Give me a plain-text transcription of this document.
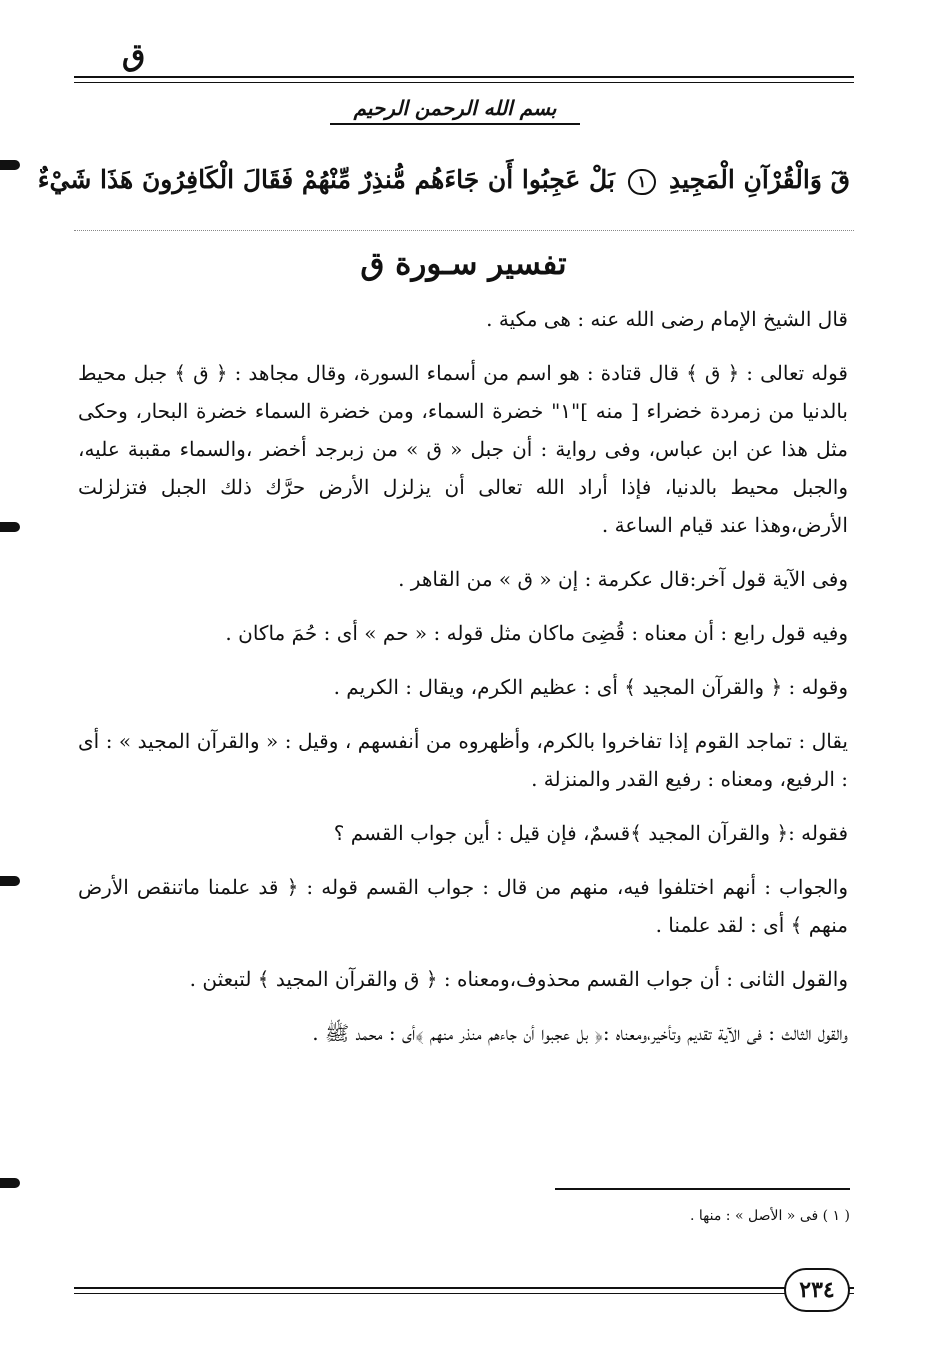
ق
بسم الله الرحمن الرحيم
قٓ وَالْقُرْآنِ الْمَجِيدِ ١ بَلْ عَجِبُوا أَن جَاءَهُم مُّنذِرٌ مِّنْهُمْ فَقَالَ الْكَافِرُونَ هَذَا شَيْءٌ
تفسير سـورة ق

قال الشيخ الإمام رضى الله عنه : هى مكية .

قوله تعالى : ﴿ ق ﴾ قال قتادة : هو اسم من أسماء السورة، وقال مجاهد : ﴿ ق ﴾ جبل محيط بالدنيا من زمردة خضراء [ منه ]"١" خضرة السماء، ومن خضرة السماء خضرة البحار، وحكى مثل هذا عن ابن عباس، وفى رواية : أن جبل « ق » من زبرجد أخضر ،والسماء مقببة عليه، والجبل محيط بالدنيا، فإذا أراد الله تعالى أن يزلزل الأرض حرَّك ذلك الجبل فتزلزلت الأرض،وهذا عند قيام الساعة .

وفى الآية قول آخر:قال عكرمة : إن « ق » من القاهر .

وفيه قول رابع : أن معناه : قُضِىَ ماكان مثل قوله : « حم » أى : حُمَ ماكان .

وقوله : ﴿ والقرآن المجيد ﴾ أى : عظيم الكرم، ويقال : الكريم .

يقال : تماجد القوم إذا تفاخروا بالكرم، وأظهروه من أنفسهم ، وقيل : « والقرآن المجيد » : أى : الرفيع، ومعناه : رفيع القدر والمنزلة .

فقوله :﴿ والقرآن المجيد ﴾قسمٌ، فإن قيل : أين جواب القسم ؟

والجواب : أنهم اختلفوا فيه، منهم من قال : جواب القسم قوله : ﴿ قد علمنا ماتنقص الأرض منهم ﴾ أى : لقد علمنا .

والقول الثانى : أن جواب القسم محذوف،ومعناه : ﴿ ق والقرآن المجيد ﴾ لتبعثن .

والقول الثالث : فى الآية تقديم وتأخير،ومعناه :﴿ بل عجبوا أن جاءهم منذر منهم ﴾أى : محمد ﷺ .

( ١ ) فى « الأصل » : منها .
٢٣٤
